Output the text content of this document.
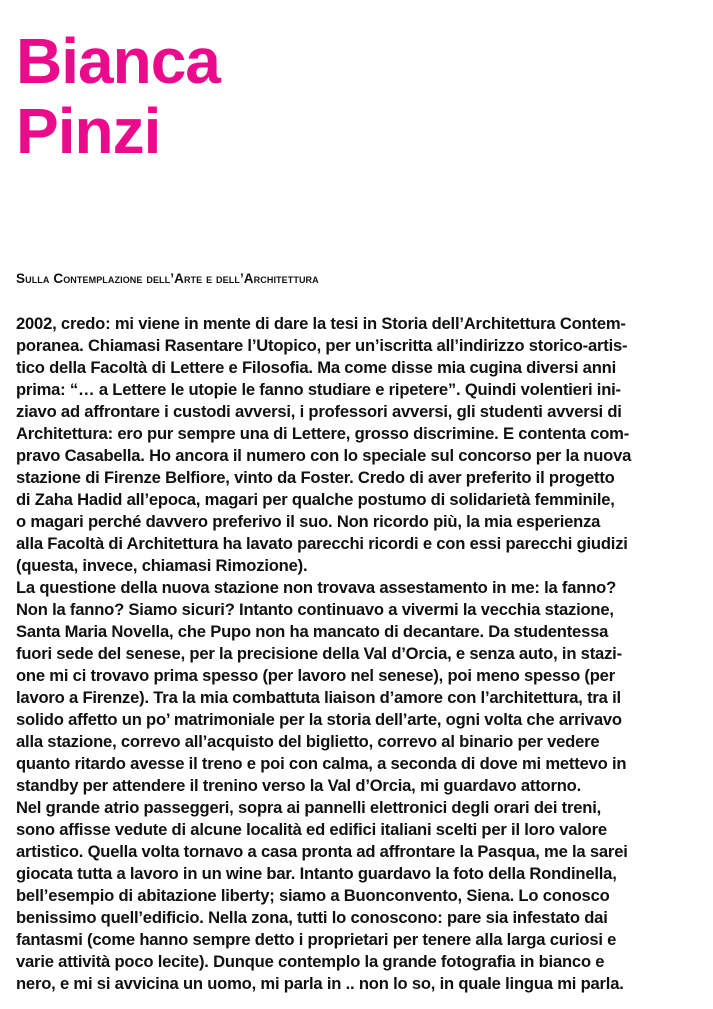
Bianca
Pinzi
Sulla Contemplazione dell’Arte e dell’Architettura
2002, credo: mi viene in mente di dare la tesi in Storia dell’Architettura Contem-
poranea. Chiamasi Rasentare l’Utopico, per un’iscritta all’indirizzo storico-artis-
tico della Facoltà di Lettere e Filosofia. Ma come disse mia cugina diversi anni
prima: “… a Lettere le utopie le fanno studiare e ripetere”. Quindi volentieri ini-
ziavo ad affrontare i custodi avversi, i professori avversi, gli studenti avversi di
Architettura: ero pur sempre una di Lettere, grosso discrimine. E contenta com-
pravo Casabella. Ho ancora il numero con lo speciale sul concorso per la nuova
stazione di Firenze Belfiore, vinto da Foster. Credo di aver preferito il progetto
di Zaha Hadid all’epoca, magari per qualche postumo di solidarietà femminile,
o magari perché davvero preferivo il suo. Non ricordo più, la mia esperienza
alla Facoltà di Architettura ha lavato parecchi ricordi e con essi parecchi giudizi
(questa, invece, chiamasi Rimozione).
La questione della nuova stazione non trovava assestamento in me: la fanno?
Non la fanno? Siamo sicuri? Intanto continuavo a vivermi la vecchia stazione,
Santa Maria Novella, che Pupo non ha mancato di decantare. Da studentessa
fuori sede del senese, per la precisione della Val d’Orcia, e senza auto, in stazi-
one mi ci trovavo prima spesso (per lavoro nel senese), poi meno spesso (per
lavoro a Firenze). Tra la mia combattuta liaison d’amore con l’architettura, tra il
solido affetto un po’ matrimoniale per la storia dell’arte, ogni volta che arrivavo
alla stazione, correvo all’acquisto del biglietto, correvo al binario per vedere
quanto ritardo avesse il treno e poi con calma, a seconda di dove mi mettevo in
standby per attendere il trenino verso la Val d’Orcia, mi guardavo attorno.
Nel grande atrio passeggeri, sopra ai pannelli elettronici degli orari dei treni,
sono affisse vedute di alcune località ed edifici italiani scelti per il loro valore
artistico. Quella volta tornavo a casa pronta ad affrontare la Pasqua, me la sarei
giocata tutta a lavoro in un wine bar. Intanto guardavo la foto della Rondinella,
bell’esempio di abitazione liberty; siamo a Buonconvento, Siena. Lo conosco
benissimo quell’edificio. Nella zona, tutti lo conoscono: pare sia infestato dai
fantasmi (come hanno sempre detto i proprietari per tenere alla larga curiosi e
varie attività poco lecite). Dunque contemplo la grande fotografia in bianco e
nero, e mi si avvicina un uomo, mi parla in .. non lo so, in quale lingua mi parla.
